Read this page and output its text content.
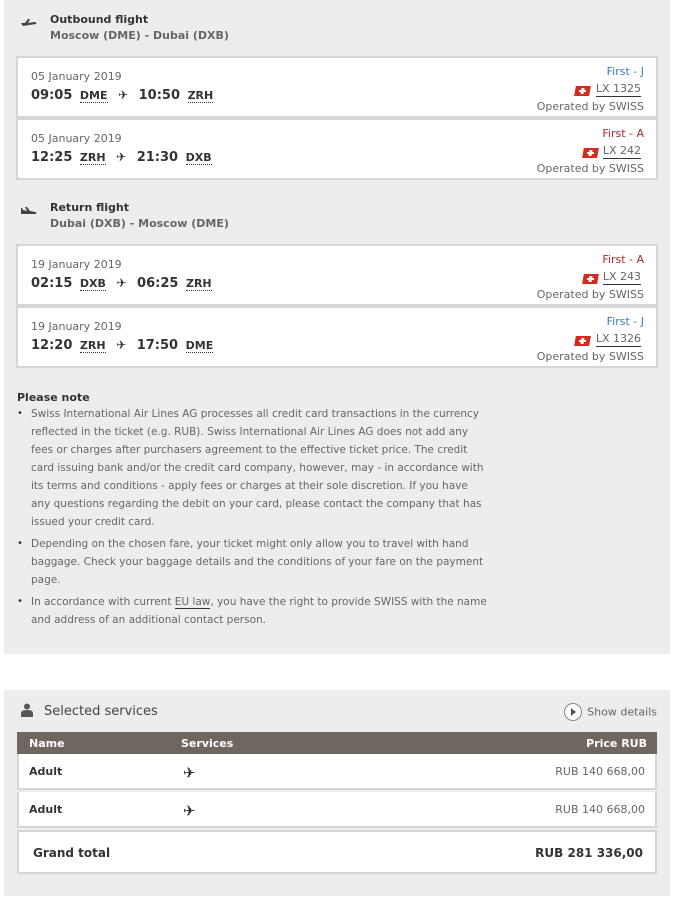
Outbound flight
Moscow (DME) - Dubai (DXB)
05 January 2019
09:05 DME ✈ 10:50 ZRH
First - J
LX 1325
Operated by SWISS
05 January 2019
12:25 ZRH ✈ 21:30 DXB
First - A
LX 242
Operated by SWISS
Return flight
Dubai (DXB) - Moscow (DME)
19 January 2019
02:15 DXB ✈ 06:25 ZRH
First - A
LX 243
Operated by SWISS
19 January 2019
12:20 ZRH ✈ 17:50 DME
First - J
LX 1326
Operated by SWISS
Please note
• Swiss International Air Lines AG processes all credit card transactions in the currency reflected in the ticket (e.g. RUB). Swiss International Air Lines AG does not add any fees or charges after purchasers agreement to the effective ticket price. The credit card issuing bank and/or the credit card company, however, may - in accordance with its terms and conditions - apply fees or charges at their sole discretion. If you have any questions regarding the debit on your card, please contact the company that has issued your credit card.
• Depending on the chosen fare, your ticket might only allow you to travel with hand baggage. Check your baggage details and the conditions of your fare on the payment page.
• In accordance with current EU law, you have the right to provide SWISS with the name and address of an additional contact person.
Selected services	Show details
Name	Services	Price RUB
Adult	✈	RUB 140 668,00
Adult	✈	RUB 140 668,00
Grand total	RUB 281 336,00
